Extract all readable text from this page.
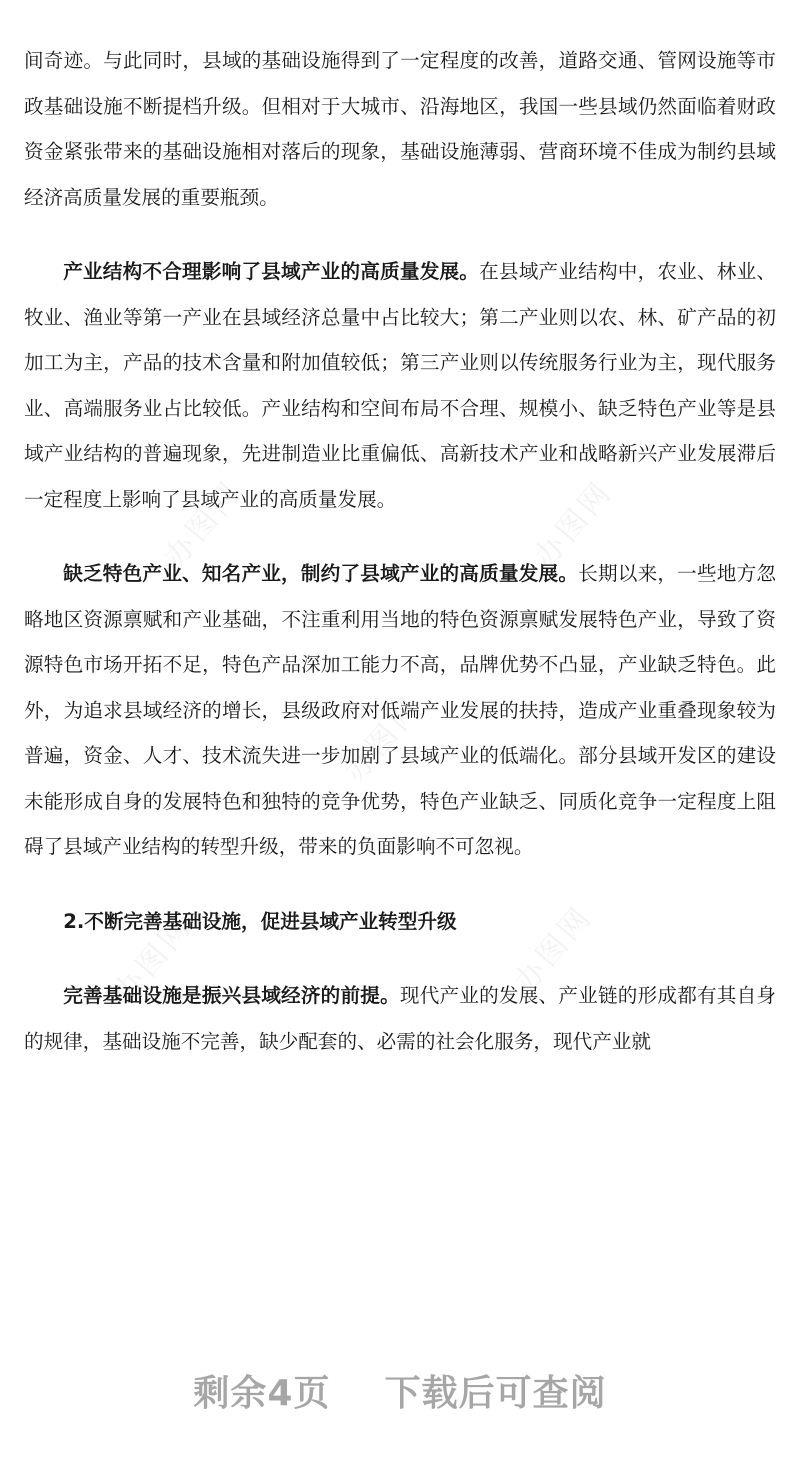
办图网	办图网
办图网
办图网	办图网

间奇迹。与此同时，县域的基础设施得到了一定程度的改善，道路交通、管网设施等市政基础设施不断提档升级。但相对于大城市、沿海地区，我国一些县域仍然面临着财政资金紧张带来的基础设施相对落后的现象，基础设施薄弱、营商环境不佳成为制约县域经济高质量发展的重要瓶颈。

产业结构不合理影响了县域产业的高质量发展。在县域产业结构中，农业、林业、牧业、渔业等第一产业在县域经济总量中占比较大；第二产业则以农、林、矿产品的初加工为主，产品的技术含量和附加值较低；第三产业则以传统服务行业为主，现代服务业、高端服务业占比较低。产业结构和空间布局不合理、规模小、缺乏特色产业等是县域产业结构的普遍现象，先进制造业比重偏低、高新技术产业和战略新兴产业发展滞后一定程度上影响了县域产业的高质量发展。

缺乏特色产业、知名产业，制约了县域产业的高质量发展。长期以来，一些地方忽略地区资源禀赋和产业基础，不注重利用当地的特色资源禀赋发展特色产业，导致了资源特色市场开拓不足，特色产品深加工能力不高，品牌优势不凸显，产业缺乏特色。此外，为追求县域经济的增长，县级政府对低端产业发展的扶持，造成产业重叠现象较为普遍，资金、人才、技术流失进一步加剧了县域产业的低端化。部分县域开发区的建设未能形成自身的发展特色和独特的竞争优势，特色产业缺乏、同质化竞争一定程度上阻碍了县域产业结构的转型升级，带来的负面影响不可忽视。

2.不断完善基础设施，促进县域产业转型升级

完善基础设施是振兴县域经济的前提。现代产业的发展、产业链的形成都有其自身的规律，基础设施不完善，缺少配套的、必需的社会化服务，现代产业就

剩余4页 下载后可查阅
